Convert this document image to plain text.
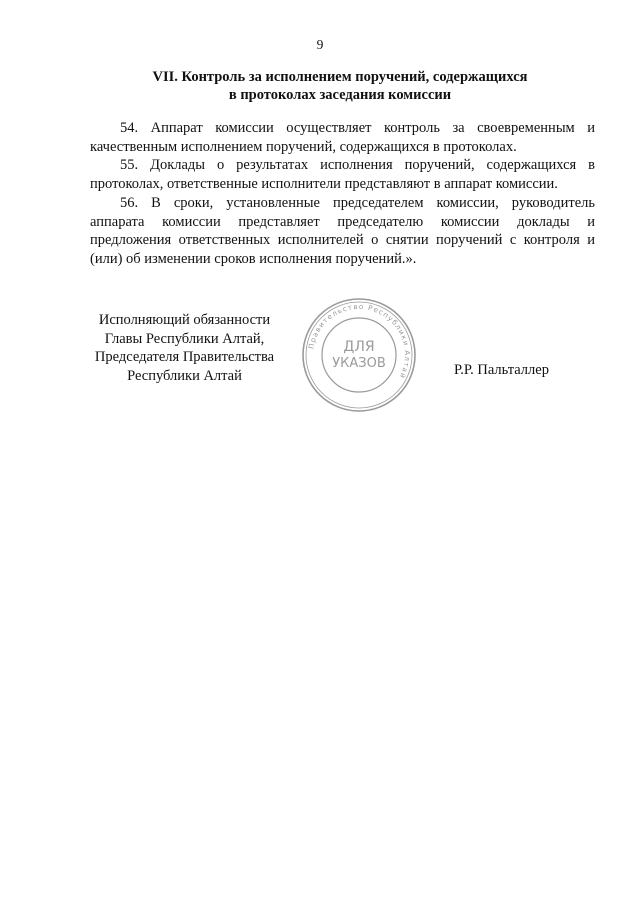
9
VII. Контроль за исполнением поручений, содержащихся
в протоколах заседания комиссии

54. Аппарат комиссии осуществляет контроль за своевременным и качественным исполнением поручений, содержащихся в протоколах.

55. Доклады о результатах исполнения поручений, содержащихся в протоколах, ответственные исполнители представляют в аппарат комиссии.

56. В сроки, установленные председателем комиссии, руководитель аппарата комиссии представляет председателю комиссии доклады и предложения ответственных исполнителей о снятии поручений с контроля и (или) об изменении сроков исполнения поручений.».

Исполняющий обязанности
Главы Республики Алтай,
Председателя Правительства
Республики Алтай
Правительство Республики Алтай
ДЛЯ
УКАЗОВ	Р.Р. Пальталлер
